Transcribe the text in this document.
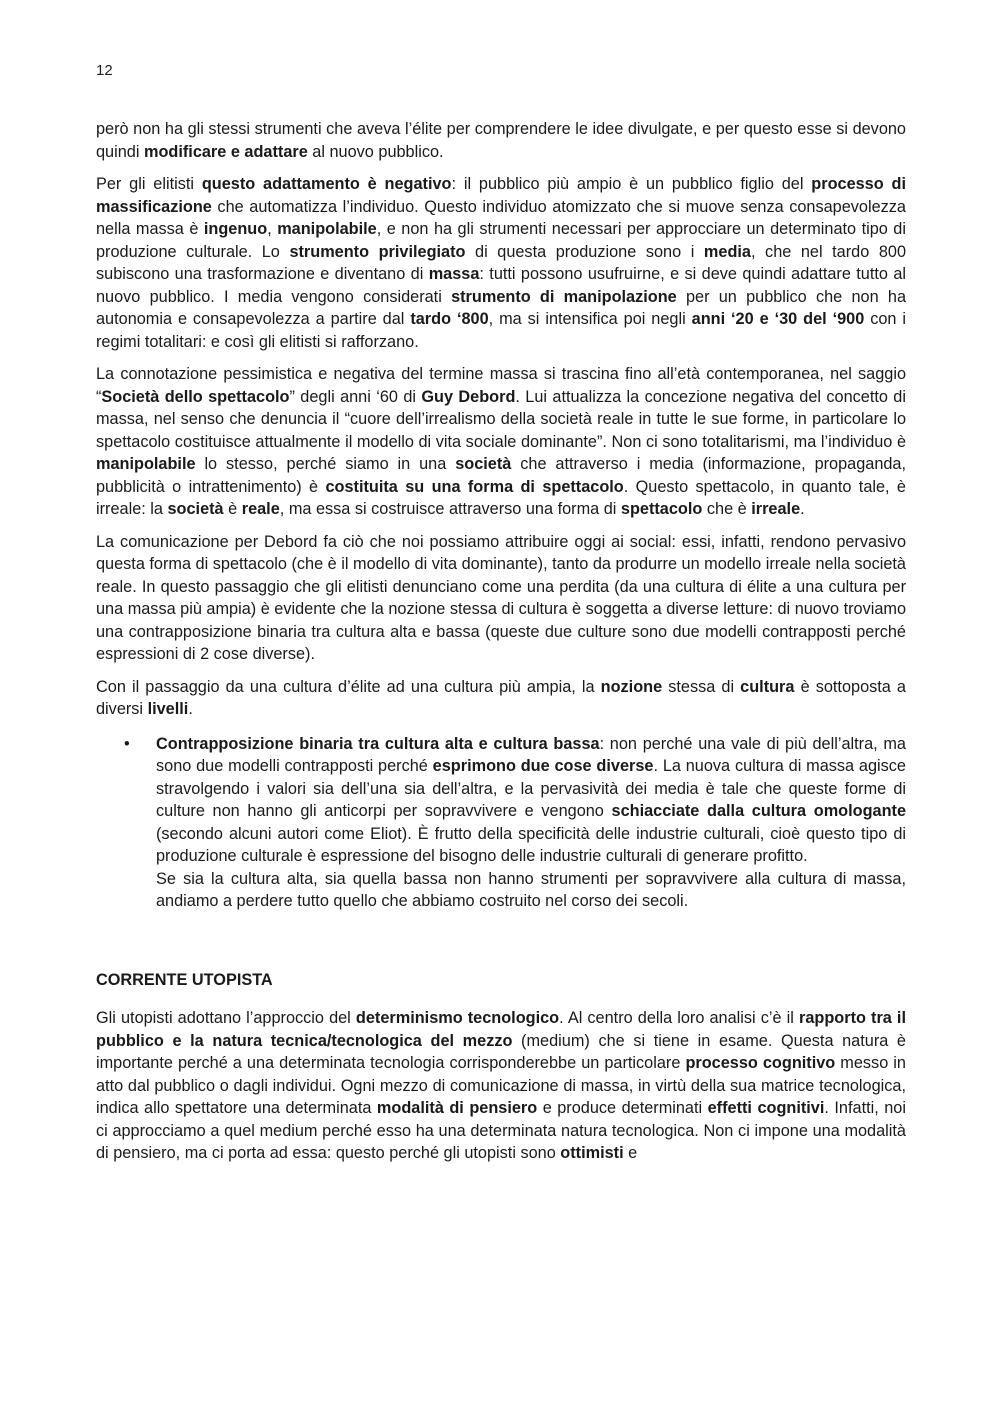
12

però non ha gli stessi strumenti che aveva l’élite per comprendere le idee divulgate, e per questo esse si devono quindi modificare e adattare al nuovo pubblico.

Per gli elitisti questo adattamento è negativo: il pubblico più ampio è un pubblico figlio del processo di massificazione che automatizza l’individuo. Questo individuo atomizzato che si muove senza consapevolezza nella massa è ingenuo, manipolabile, e non ha gli strumenti necessari per approcciare un determinato tipo di produzione culturale. Lo strumento privilegiato di questa produzione sono i media, che nel tardo 800 subiscono una trasformazione e diventano di massa: tutti possono usufruirne, e si deve quindi adattare tutto al nuovo pubblico. I media vengono considerati strumento di manipolazione per un pubblico che non ha autonomia e consapevolezza a partire dal tardo ‘800, ma si intensifica poi negli anni ‘20 e ‘30 del ‘900 con i regimi totalitari: e così gli elitisti si rafforzano.

La connotazione pessimistica e negativa del termine massa si trascina fino all’età contemporanea, nel saggio “Società dello spettacolo” degli anni ‘60 di Guy Debord. Lui attualizza la concezione negativa del concetto di massa, nel senso che denuncia il “cuore dell’irrealismo della società reale in tutte le sue forme, in particolare lo spettacolo costituisce attualmente il modello di vita sociale dominante”. Non ci sono totalitarismi, ma l’individuo è manipolabile lo stesso, perché siamo in una società che attraverso i media (informazione, propaganda, pubblicità o intrattenimento) è costituita su una forma di spettacolo. Questo spettacolo, in quanto tale, è irreale: la società è reale, ma essa si costruisce attraverso una forma di spettacolo che è irreale.

La comunicazione per Debord fa ciò che noi possiamo attribuire oggi ai social: essi, infatti, rendono pervasivo questa forma di spettacolo (che è il modello di vita dominante), tanto da produrre un modello irreale nella società reale. In questo passaggio che gli elitisti denunciano come una perdita (da una cultura di élite a una cultura per una massa più ampia) è evidente che la nozione stessa di cultura è soggetta a diverse letture: di nuovo troviamo una contrapposizione binaria tra cultura alta e bassa (queste due culture sono due modelli contrapposti perché espressioni di 2 cose diverse).

Con il passaggio da una cultura d’élite ad una cultura più ampia, la nozione stessa di cultura è sottoposta a diversi livelli.

• Contrapposizione binaria tra cultura alta e cultura bassa: non perché una vale di più dell’altra, ma sono due modelli contrapposti perché esprimono due cose diverse. La nuova cultura di massa agisce stravolgendo i valori sia dell’una sia dell’altra, e la pervasività dei media è tale che queste forme di culture non hanno gli anticorpi per sopravvivere e vengono schiacciate dalla cultura omologante (secondo alcuni autori come Eliot). È frutto della specificità delle industrie culturali, cioè questo tipo di produzione culturale è espressione del bisogno delle industrie culturali di generare profitto.

Se sia la cultura alta, sia quella bassa non hanno strumenti per sopravvivere alla cultura di massa, andiamo a perdere tutto quello che abbiamo costruito nel corso dei secoli.

CORRENTE UTOPISTA

Gli utopisti adottano l’approccio del determinismo tecnologico. Al centro della loro analisi c’è il rapporto tra il pubblico e la natura tecnica/tecnologica del mezzo (medium) che si tiene in esame. Questa natura è importante perché a una determinata tecnologia corrisponderebbe un particolare processo cognitivo messo in atto dal pubblico o dagli individui. Ogni mezzo di comunicazione di massa, in virtù della sua matrice tecnologica, indica allo spettatore una determinata modalità di pensiero e produce determinati effetti cognitivi. Infatti, noi ci approcciamo a quel medium perché esso ha una determinata natura tecnologica. Non ci impone una modalità di pensiero, ma ci porta ad essa: questo perché gli utopisti sono ottimisti e
